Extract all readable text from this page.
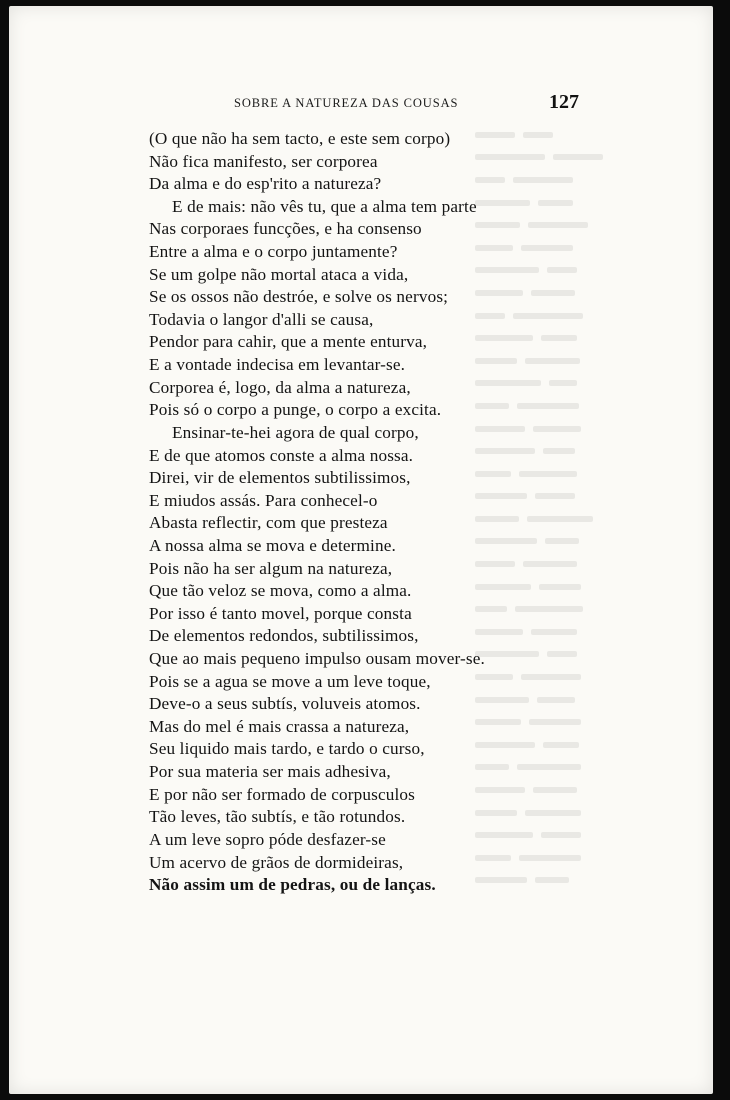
SOBRE A NATUREZA DAS COUSAS	127
(O que não ha sem tacto, e este sem corpo)
Não fica manifesto, ser corporea
Da alma e do esp'rito a natureza?
E de mais: não vês tu, que a alma tem parte
Nas corporaes funcções, e ha consenso
Entre a alma e o corpo juntamente?
Se um golpe não mortal ataca a vida,
Se os ossos não destróe, e solve os nervos;
Todavia o langor d'alli se causa,
Pendor para cahir, que a mente enturva,
E a vontade indecisa em levantar-se.
Corporea é, logo, da alma a natureza,
Pois só o corpo a punge, o corpo a excita.
Ensinar-te-hei agora de qual corpo,
E de que atomos conste a alma nossa.
Direi, vir de elementos subtilissimos,
E miudos assás. Para conhecel-o
Abasta reflectir, com que presteza
A nossa alma se mova e determine.
Pois não ha ser algum na natureza,
Que tão veloz se mova, como a alma.
Por isso é tanto movel, porque consta
De elementos redondos, subtilissimos,
Que ao mais pequeno impulso ousam mover-se.
Pois se a agua se move a um leve toque,
Deve-o a seus subtís, voluveis atomos.
Mas do mel é mais crassa a natureza,
Seu liquido mais tardo, e tardo o curso,
Por sua materia ser mais adhesiva,
E por não ser formado de corpusculos
Tão leves, tão subtís, e tão rotundos.
A um leve sopro póde desfazer-se
Um acervo de grãos de dormideiras,
Não assim um de pedras, ou de lanças.
